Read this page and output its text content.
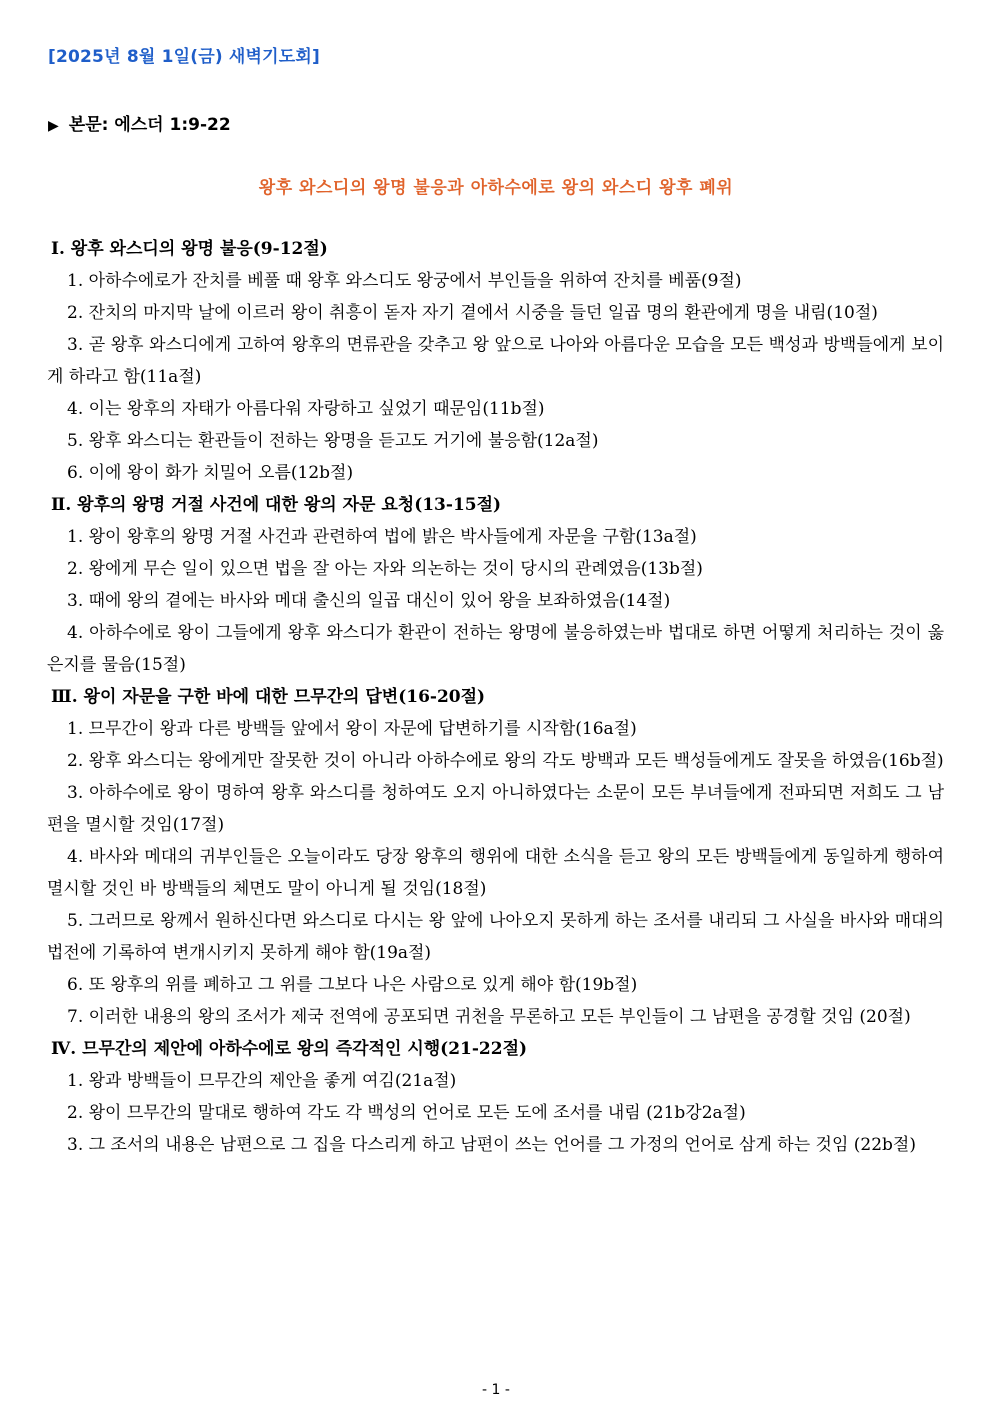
[2025년 8월 1일(금) 새벽기도회]
▶ 본문: 에스더 1:9-22
왕후 와스디의 왕명 불응과 아하수에로 왕의 와스디 왕후 폐위
Ⅰ. 왕후 와스디의 왕명 불응(9-12절)
1. 아하수에로가 잔치를 베풀 때 왕후 와스디도 왕궁에서 부인들을 위하여 잔치를 베품(9절)
2. 잔치의 마지막 날에 이르러 왕이 취흥이 돋자 자기 곁에서 시중을 들던 일곱 명의 환관에게 명을 내림(10절)
3. 곧 왕후 와스디에게 고하여 왕후의 면류관을 갖추고 왕 앞으로 나아와 아름다운 모습을 모든 백성과 방백들에게 보이게 하라고 함(11a절)
4. 이는 왕후의 자태가 아름다워 자랑하고 싶었기 때문임(11b절)
5. 왕후 와스디는 환관들이 전하는 왕명을 듣고도 거기에 불응함(12a절)
6. 이에 왕이 화가 치밀어 오름(12b절)
Ⅱ. 왕후의 왕명 거절 사건에 대한 왕의 자문 요청(13-15절)
1. 왕이 왕후의 왕명 거절 사건과 관련하여 법에 밝은 박사들에게 자문을 구함(13a절)
2. 왕에게 무슨 일이 있으면 법을 잘 아는 자와 의논하는 것이 당시의 관례였음(13b절)
3. 때에 왕의 곁에는 바사와 메대 출신의 일곱 대신이 있어 왕을 보좌하였음(14절)
4. 아하수에로 왕이 그들에게 왕후 와스디가 환관이 전하는 왕명에 불응하였는바 법대로 하면 어떻게 처리하는 것이 옳은지를 물음(15절)
Ⅲ. 왕이 자문을 구한 바에 대한 므무간의 답변(16-20절)
1. 므무간이 왕과 다른 방백들 앞에서 왕이 자문에 답변하기를 시작함(16a절)
2. 왕후 와스디는 왕에게만 잘못한 것이 아니라 아하수에로 왕의 각도 방백과 모든 백성들에게도 잘못을 하였음(16b절)
3. 아하수에로 왕이 명하여 왕후 와스디를 청하여도 오지 아니하였다는 소문이 모든 부녀들에게 전파되면 저희도 그 남편을 멸시할 것임(17절)
4. 바사와 메대의 귀부인들은 오늘이라도 당장 왕후의 행위에 대한 소식을 듣고 왕의 모든 방백들에게 동일하게 행하여 멸시할 것인 바 방백들의 체면도 말이 아니게 될 것임(18절)
5. 그러므로 왕께서 원하신다면 와스디로 다시는 왕 앞에 나아오지 못하게 하는 조서를 내리되 그 사실을 바사와 매대의 법전에 기록하여 변개시키지 못하게 해야 함(19a절)
6. 또 왕후의 위를 폐하고 그 위를 그보다 나은 사람으로 있게 해야 함(19b절)
7. 이러한 내용의 왕의 조서가 제국 전역에 공포되면 귀천을 무론하고 모든 부인들이 그 남편을 공경할 것임 (20절)
Ⅳ. 므무간의 제안에 아하수에로 왕의 즉각적인 시행(21-22절)
1. 왕과 방백들이 므무간의 제안을 좋게 여김(21a절)
2. 왕이 므무간의 말대로 행하여 각도 각 백성의 언어로 모든 도에 조서를 내림 (21b강2a절)
3. 그 조서의 내용은 남편으로 그 집을 다스리게 하고 남편이 쓰는 언어를 그 가정의 언어로 삼게 하는 것임 (22b절)
- 1 -
